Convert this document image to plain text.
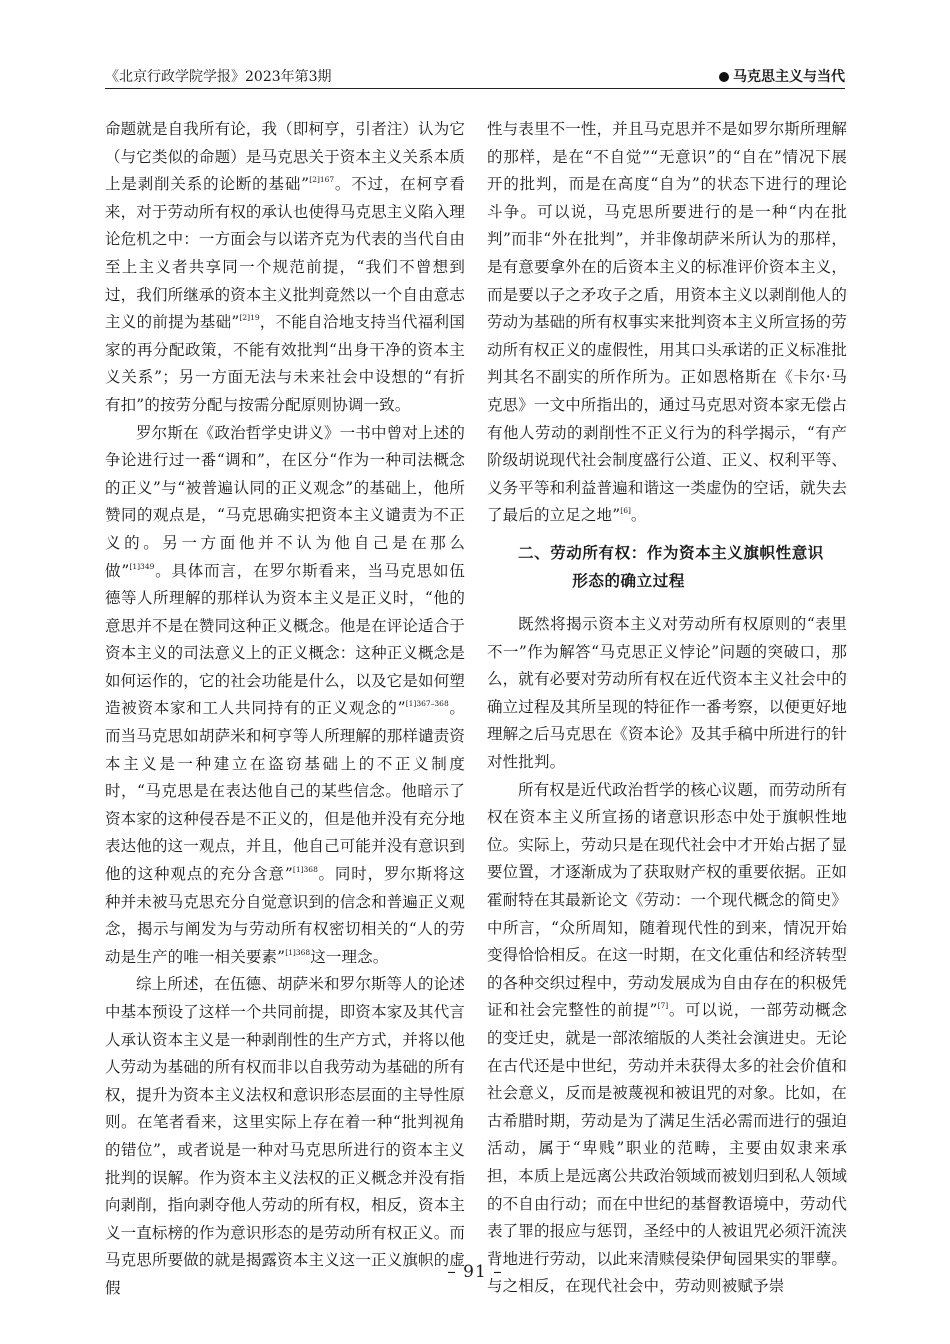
《北京行政学院学报》2023年第3期	马克思主义与当代

命题就是自我所有论，我（即柯亨，引者注）认为它（与它类似的命题）是马克思关于资本主义关系本质上是剥削关系的论断的基础”$^{[2]167}$。不过，在柯亨看来，对于劳动所有权的承认也使得马克思主义陷入理论危机之中：一方面会与以诺齐克为代表的当代自由至上主义者共享同一个规范前提，“我们不曾想到过，我们所继承的资本主义批判竟然以一个自由意志主义的前提为基础”$^{[2]19}$，不能自洽地支持当代福利国家的再分配政策，不能有效批判“出身干净的资本主义关系”；另一方面无法与未来社会中设想的“有折有扣”的按劳分配与按需分配原则协调一致。

罗尔斯在《政治哲学史讲义》一书中曾对上述的争论进行过一番“调和”，在区分“作为一种司法概念的正义”与“被普遍认同的正义观念”的基础上，他所赞同的观点是，“马克思确实把资本主义谴责为不正义的。另一方面他并不认为他自己是在那么做”$^{[1]349}$。具体而言，在罗尔斯看来，当马克思如伍德等人所理解的那样认为资本主义是正义时，“他的意思并不是在赞同这种正义概念。他是在评论适合于资本主义的司法意义上的正义概念：这种正义概念是如何运作的，它的社会功能是什么，以及它是如何塑造被资本家和工人共同持有的正义观念的”$^{[1]367-368}$。而当马克思如胡萨米和柯亨等人所理解的那样谴责资本主义是一种建立在盗窃基础上的不正义制度时，“马克思是在表达他自己的某些信念。他暗示了资本家的这种侵吞是不正义的，但是他并没有充分地表达他的这一观点，并且，他自己可能并没有意识到他的这种观点的充分含意”$^{[1]368}$。同时，罗尔斯将这种并未被马克思充分自觉意识到的信念和普遍正义观念，揭示与阐发为与劳动所有权密切相关的“人的劳动是生产的唯一相关要素”$^{[1]368}$这一理念。

综上所述，在伍德、胡萨米和罗尔斯等人的论述中基本预设了这样一个共同前提，即资本家及其代言人承认资本主义是一种剥削性的生产方式，并将以他人劳动为基础的所有权而非以自我劳动为基础的所有权，提升为资本主义法权和意识形态层面的主导性原则。在笔者看来，这里实际上存在着一种“批判视角的错位”，或者说是一种对马克思所进行的资本主义批判的误解。作为资本主义法权的正义概念并没有指向剥削，指向剥夺他人劳动的所有权，相反，资本主义一直标榜的作为意识形态的是劳动所有权正义。而马克思所要做的就是揭露资本主义这一正义旗帜的虚假

性与表里不一性，并且马克思并不是如罗尔斯所理解的那样，是在“不自觉”“无意识”的“自在”情况下展开的批判，而是在高度“自为”的状态下进行的理论斗争。可以说，马克思所要进行的是一种“内在批判”而非“外在批判”，并非像胡萨米所认为的那样，是有意要拿外在的后资本主义的标准评价资本主义，而是要以子之矛攻子之盾，用资本主义以剥削他人的劳动为基础的所有权事实来批判资本主义所宣扬的劳动所有权正义的虚假性，用其口头承诺的正义标准批判其名不副实的所作所为。正如恩格斯在《卡尔·马克思》一文中所指出的，通过马克思对资本家无偿占有他人劳动的剥削性不正义行为的科学揭示，“有产阶级胡说现代社会制度盛行公道、正义、权利平等、义务平等和利益普遍和谐这一类虚伪的空话，就失去了最后的立足之地”[6]。

二、劳动所有权：作为资本主义旗帜性意识
形态的确立过程

既然将揭示资本主义对劳动所有权原则的“表里不一”作为解答“马克思正义悖论”问题的突破口，那么，就有必要对劳动所有权在近代资本主义社会中的确立过程及其所呈现的特征作一番考察，以便更好地理解之后马克思在《资本论》及其手稿中所进行的针对性批判。

所有权是近代政治哲学的核心议题，而劳动所有权在资本主义所宣扬的诸意识形态中处于旗帜性地位。实际上，劳动只是在现代社会中才开始占据了显要位置，才逐渐成为了获取财产权的重要依据。正如霍耐特在其最新论文《劳动：一个现代概念的简史》中所言，“众所周知，随着现代性的到来，情况开始变得恰恰相反。在这一时期，在文化重估和经济转型的各种交织过程中，劳动发展成为自由存在的积极凭证和社会完整性的前提”[7]。可以说，一部劳动概念的变迁史，就是一部浓缩版的人类社会演进史。无论在古代还是中世纪，劳动并未获得太多的社会价值和社会意义，反而是被蔑视和被诅咒的对象。比如，在古希腊时期，劳动是为了满足生活必需而进行的强迫活动，属于“卑贱”职业的范畴，主要由奴隶来承担，本质上是远离公共政治领域而被划归到私人领域的不自由行动；而在中世纪的基督教语境中，劳动代表了罪的报应与惩罚，圣经中的人被诅咒必须汗流浃背地进行劳动，以此来清赎侵染伊甸园果实的罪孽。与之相反，在现代社会中，劳动则被赋予崇

– 91 –
